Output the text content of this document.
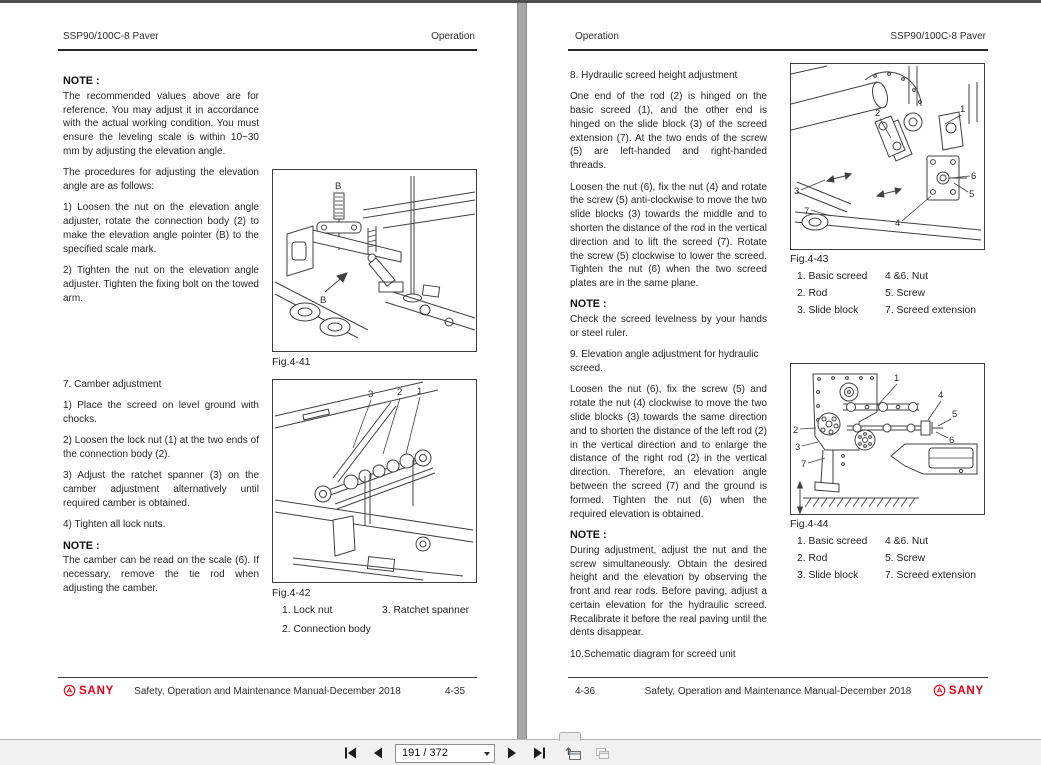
SSP90/100C-8 Paver	Operation

NOTE :

The recommended values above are for reference. You may adjust it in accordance with the actual working condition. You must ensure the leveling scale is within 10~30 mm by adjusting the elevation angle.

The procedures for adjusting the elevation angle are as follows:

1) Loosen the nut on the elevation angle adjuster, rotate the connection body (2) to make the elevation angle pointer (B) to the specified scale mark.

2) Tighten the nut on the elevation angle adjuster. Tighten the fixing bolt on the towed arm.

7. Camber adjustment

1) Place the screed on level ground with chocks.

2) Loosen the lock nut (1) at the two ends of the connection body (2).

3) Adjust the ratchet spanner (3) on the camber adjustment alternatively until required camber is obtained.

4) Tighten all lock nuts.

NOTE :

The camber can be read on the scale (6). If necessary, remove the tie rod when adjusting the camber.

B
B
Fig.4-41
3 2 1
Fig.4-42
1. Lock nut	3. Ratchet spanner
2. Connection body
SANY	Safety, Operation and Maintenance Manual-December 2018	4-35
Operation	SSP90/100C-8 Paver

8. Hydraulic screed height adjustment

One end of the rod (2) is hinged on the basic screed (1), and the other end is hinged on the slide block (3) of the screed extension (7). At the two ends of the screw (5) are left-handed and right-handed threads.

Loosen the nut (6), fix the nut (4) and rotate the screw (5) anti-clockwise to move the two slide blocks (3) towards the middle and to shorten the distance of the rod in the vertical direction and to lift the screed (7). Rotate the screw (5) clockwise to lower the screed. Tighten the nut (6) when the two screed plates are in the same plane.

NOTE :

Check the screed levelness by your hands or steel ruler.

9. Elevation angle adjustment for hydraulic screed.

Loosen the nut (6), fix the screw (5) and rotate the nut (4) clockwise to move the two slide blocks (3) towards the same direction and to shorten the distance of the left rod (2) in the vertical direction and to enlarge the distance of the right rod (2) in the vertical direction. Therefore, an elevation angle between the screed (7) and the ground is formed. Tighten the nut (6) when the required elevation is obtained.

NOTE :

During adjustment, adjust the nut and the screw simultaneously. Obtain the desired height and the elevation by observing the front and rear rods. Before paving, adjust a certain elevation for the hydraulic screed. Recalibrate it before the real paving until the dents disappear.

10.Schematic diagram for screed unit

2	1
3
7
4
5
6
Fig.4-43
1. Basic screed 4 &6. Nut
2. Rod	5. Screw
3. Slide block	7. Screed extension
1
4
5
6
2
3
7
Fig.4-44
1. Basic screed 4 &6. Nut
2. Rod	5. Screw
3. Slide block	7. Screed extension
4-36	Safety, Operation and Maintenance Manual-December 2018	SANY
191 / 372
